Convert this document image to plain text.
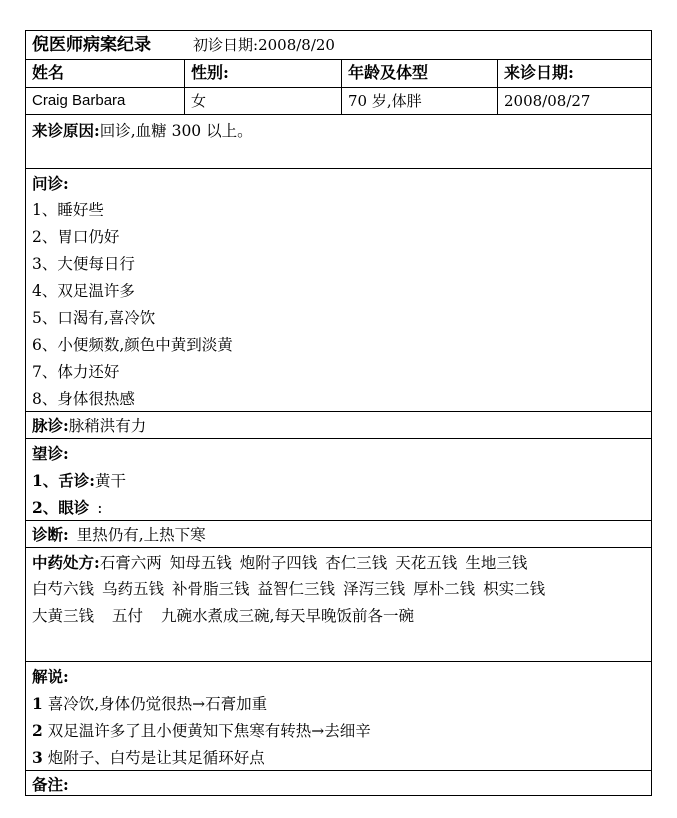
倪医师病案纪录	初诊日期:2008/8/20
姓名	性别:	年龄及体型	来诊日期:
Craig Barbara	女	70 岁,体胖	2008/08/27
来诊原因:回诊,血糖 300 以上。
问诊:
1、睡好些
2、胃口仍好
3、大便每日行
4、双足温许多
5、口渴有,喜冷饮
6、小便频数,颜色中黄到淡黄
7、体力还好
8、身体很热感
脉诊:脉稍洪有力
望诊:
1、舌诊:黄干
2、眼诊 :
诊断: 里热仍有,上热下寒
中药处方:石膏六两 知母五钱 炮附子四钱 杏仁三钱 天花五钱 生地三钱
白芍六钱 乌药五钱 补骨脂三钱 益智仁三钱 泽泻三钱 厚朴二钱 枳实二钱
大黄三钱 五付 九碗水煮成三碗,每天早晚饭前各一碗
解说:
1 喜冷饮,身体仍觉很热→石膏加重
2 双足温许多了且小便黄知下焦寒有转热→去细辛
3 炮附子、白芍是让其足循环好点
备注:
